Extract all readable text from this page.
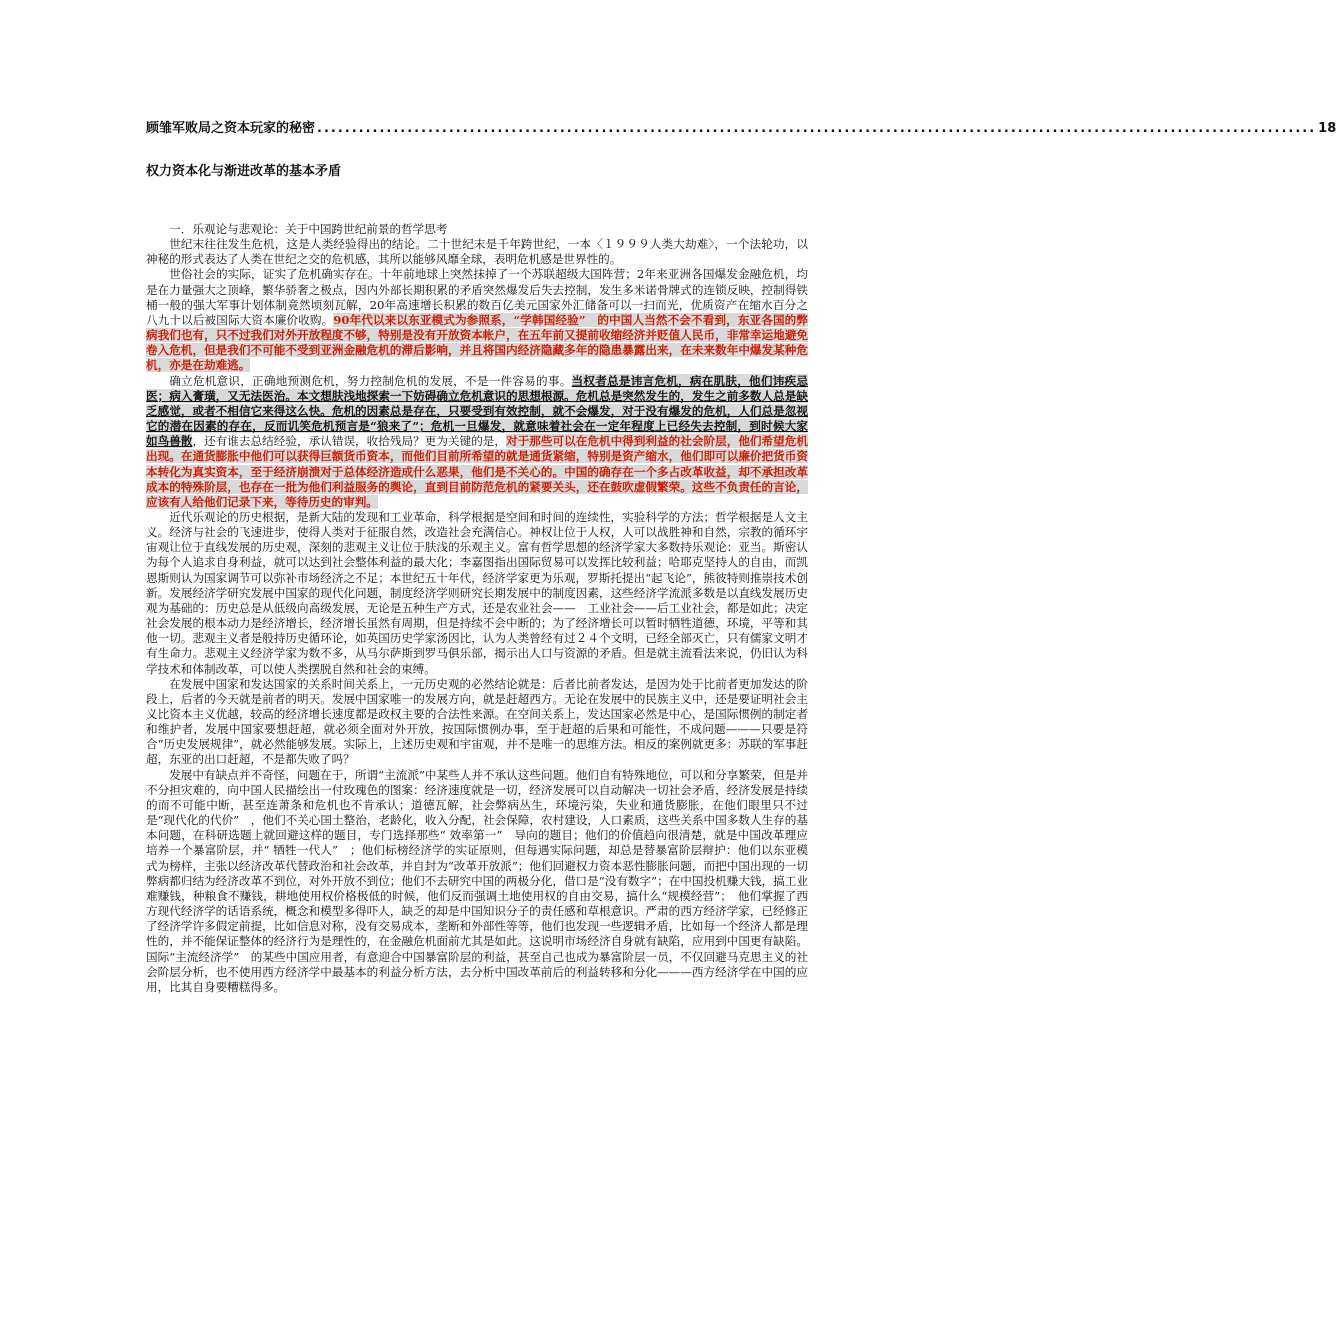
顾雏军败局之资本玩家的秘密 ................................................................................................................................................ 18
权力资本化与渐进改革的基本矛盾

一．乐观论与悲观论：关于中国跨世纪前景的哲学思考

世纪末往往发生危机，这是人类经验得出的结论。二十世纪末是千年跨世纪，一本〈１９９９人类大劫难〉，一个法轮功，以神秘的形式表达了人类在世纪之交的危机感，其所以能够风靡全球，表明危机感是世界性的。

世俗社会的实际，证实了危机确实存在。十年前地球上突然抹掉了一个苏联超级大国阵营；2年来亚洲各国爆发金融危机，均是在力量强大之顶峰，繁华骄奢之极点，因内外部长期积累的矛盾突然爆发后失去控制，发生多米诺骨牌式的连锁反映，控制得铁桶一般的强大军事计划体制竟然顷刻瓦解，20年高速增长积累的数百亿美元国家外汇储备可以一扫而光，优质资产在缩水百分之八九十以后被国际大资本廉价收购。90年代以来以东亚模式为参照系，“学韩国经验”　的中国人当然不会不看到，东亚各国的弊病我们也有，只不过我们对外开放程度不够，特别是没有开放资本帐户，在五年前又提前收缩经济并贬值人民币，非常幸运地避免卷入危机，但是我们不可能不受到亚洲金融危机的滞后影响，并且将国内经济隐藏多年的隐患暴露出来，在未来数年中爆发某种危机，亦是在劫难逃。

确立危机意识，正确地预测危机，努力控制危机的发展，不是一件容易的事。当权者总是讳言危机，病在肌肤，他们讳疾忌医；病入膏璜，又无法医治。本文想肤浅地探索一下妨碍确立危机意识的思想根源。危机总是突然发生的，发生之前多数人总是缺乏感觉，或者不相信它来得这么快。危机的因素总是存在，只要受到有效控制，就不会爆发，对于没有爆发的危机，人们总是忽视它的潜在因素的存在，反而讥笑危机预言是“狼来了”；危机一旦爆发，就意味着社会在一定年程度上已经失去控制，到时候大家如鸟兽散，还有谁去总结经验，承认错误，收拾残局？更为关键的是，对于那些可以在危机中得到利益的社会阶层，他们希望危机出现。在通货膨胀中他们可以获得巨额货币资本，而他们目前所希望的就是通货紧缩，特别是资产缩水，他们即可以廉价把货币资本转化为真实资本，至于经济崩溃对于总体经济造成什么恶果，他们是不关心的。中国的确存在一个多占改革收益，却不承担改革成本的特殊阶层，也存在一批为他们利益服务的舆论，直到目前防范危机的紧要关头，还在鼓吹虚假繁荣。这些不负责任的言论，应该有人给他们记录下来，等待历史的审判。

近代乐观论的历史根据，是新大陆的发现和工业革命，科学根据是空间和时间的连续性，实验科学的方法；哲学根据是人文主义。经济与社会的飞速进步，使得人类对于征服自然，改造社会充满信心。神权让位于人权，人可以战胜神和自然，宗教的循环宇宙观让位于直线发展的历史观，深刻的悲观主义让位于肤浅的乐观主义。富有哲学思想的经济学家大多数持乐观论：亚当。斯密认为每个人追求自身利益，就可以达到社会整体利益的最大化；李嘉图指出国际贸易可以发挥比较利益；哈耶克坚持人的自由，而凯恩斯则认为国家调节可以弥补市场经济之不足；本世纪五十年代，经济学家更为乐观，罗斯托提出“起飞论”，熊彼特则推崇技术创新。发展经济学研究发展中国家的现代化问题，制度经济学则研究长期发展中的制度因素，这些经济学流派多数是以直线发展历史观为基础的：历史总是从低级向高级发展，无论是五种生产方式，还是农业社会——　工业社会——后工业社会，都是如此；决定社会发展的根本动力是经济增长，经济增长虽然有周期，但是持续不会中断的；为了经济增长可以暂时牺牲道德，环境，平等和其他一切。悲观主义者是般持历史循环论，如英国历史学家汤因比，认为人类曾经有过２４个文明，已经全部灭亡，只有儒家文明才有生命力。悲观主义经济学家为数不多，从马尔萨斯到罗马俱乐部，揭示出人口与资源的矛盾。但是就主流看法来说，仍旧认为科学技术和体制改革，可以使人类摆脱自然和社会的束缚。

在发展中国家和发达国家的关系时间关系上，一元历史观的必然结论就是：后者比前者发达，是因为处于比前者更加发达的阶段上，后者的今天就是前者的明天。发展中国家唯一的发展方向，就是赶超西方。无论在发展中的民族主义中，还是要证明社会主义比资本主义优越，较高的经济增长速度都是政权主要的合法性来源。在空间关系上，发达国家必然是中心，是国际惯例的制定者和维护者，发展中国家要想赶超，就必须全面对外开放，按国际惯例办事，至于赶超的后果和可能性，不成问题———只要是符合“历史发展规律”，就必然能够发展。实际上，上述历史观和宇宙观，并不是唯一的思维方法。相反的案例就更多：苏联的军事赶超，东亚的出口赶超，不是都失败了吗？

发展中有缺点并不奇怪，问题在于，所谓“主流派”中某些人并不承认这些问题。他们自有特殊地位，可以和分享繁荣，但是并不分担灾难的，向中国人民描绘出一付玫瑰色的图案：经济速度就是一切，经济发展可以自动解决一切社会矛盾，经济发展是持续的而不可能中断，甚至连萧条和危机也不肯承认；道德瓦解，社会弊病丛生，环境污染，失业和通货膨胀，在他们眼里只不过是“现代化的代价”　，他们不关心国土整治，老龄化，收入分配，社会保障，农村建设，人口素质，这些关系中国多数人生存的基本问题，在科研选题上就回避这样的题目，专门选择那些“ 效率第一”　导向的题目；他们的价值趋向很清楚，就是中国改革理应培养一个暴富阶层，并“ 牺牲一代人”　；他们标榜经济学的实证原则，但每遇实际问题，却总是替暴富阶层辩护：他们以东亚模式为榜样，主张以经济改革代替政治和社会改革，并自封为“改革开放派”；他们回避权力资本恶性膨胀问题，而把中国出现的一切弊病都归结为经济改革不到位，对外开放不到位；他们不去研究中国的两极分化，借口是“没有数字”；在中国投机赚大钱，搞工业难赚钱，种粮食不赚钱，耕地使用权价格极低的时候，他们反而强调土地使用权的自由交易，搞什么“规模经营”；　他们掌握了西方现代经济学的话语系统，概念和模型多得吓人，缺乏的却是中国知识分子的责任感和草根意识。严肃的西方经济学家，已经修正了经济学许多假定前提，比如信息对称，没有交易成本，垄断和外部性等等，他们也发现一些逻辑矛盾，比如每一个经济人都是理性的，并不能保证整体的经济行为是理性的，在金融危机面前尤其是如此。这说明市场经济自身就有缺陷，应用到中国更有缺陷。国际“主流经济学”　的某些中国应用者，有意迎合中国暴富阶层的利益，甚至自己也成为暴富阶层一员，不仅回避马克思主义的社会阶层分析，也不使用西方经济学中最基本的利益分析方法，去分析中国改革前后的利益转移和分化———西方经济学在中国的应用，比其自身要糟糕得多。
